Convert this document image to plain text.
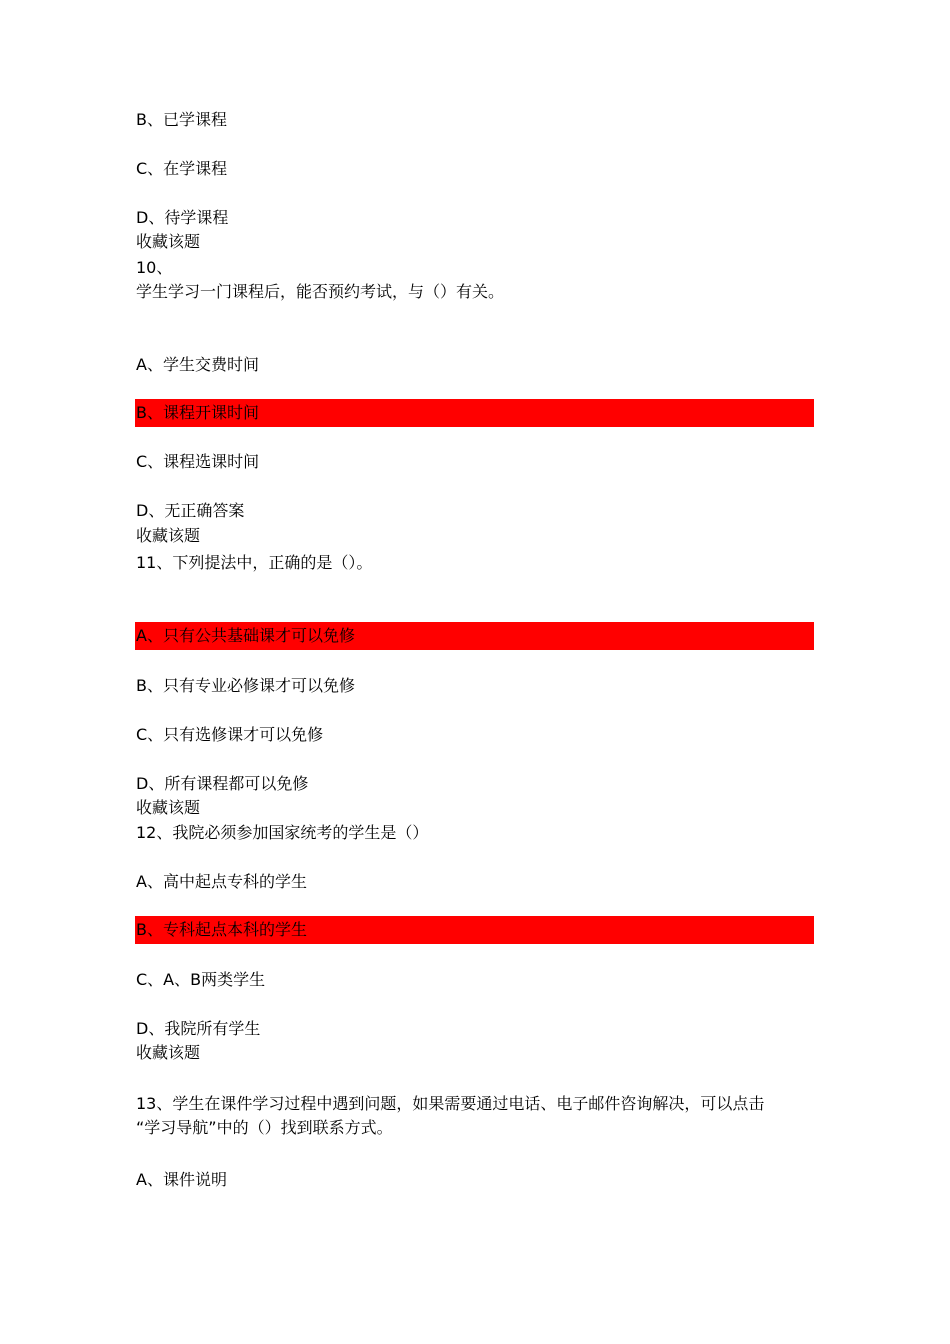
B、已学课程
C、在学课程
D、待学课程
收藏该题
10、
学生学习一门课程后，能否预约考试，与（）有关。
A、学生交费时间
B、课程开课时间
C、课程选课时间
D、无正确答案
收藏该题
11、下列提法中，正确的是（）。
A、只有公共基础课才可以免修
B、只有专业必修课才可以免修
C、只有选修课才可以免修
D、所有课程都可以免修
收藏该题
12、我院必须参加国家统考的学生是（）
A、高中起点专科的学生
B、专科起点本科的学生
C、A、B两类学生
D、我院所有学生
收藏该题
13、学生在课件学习过程中遇到问题，如果需要通过电话、电子邮件咨询解决，可以点击
“学习导航”中的（）找到联系方式。
A、课件说明
